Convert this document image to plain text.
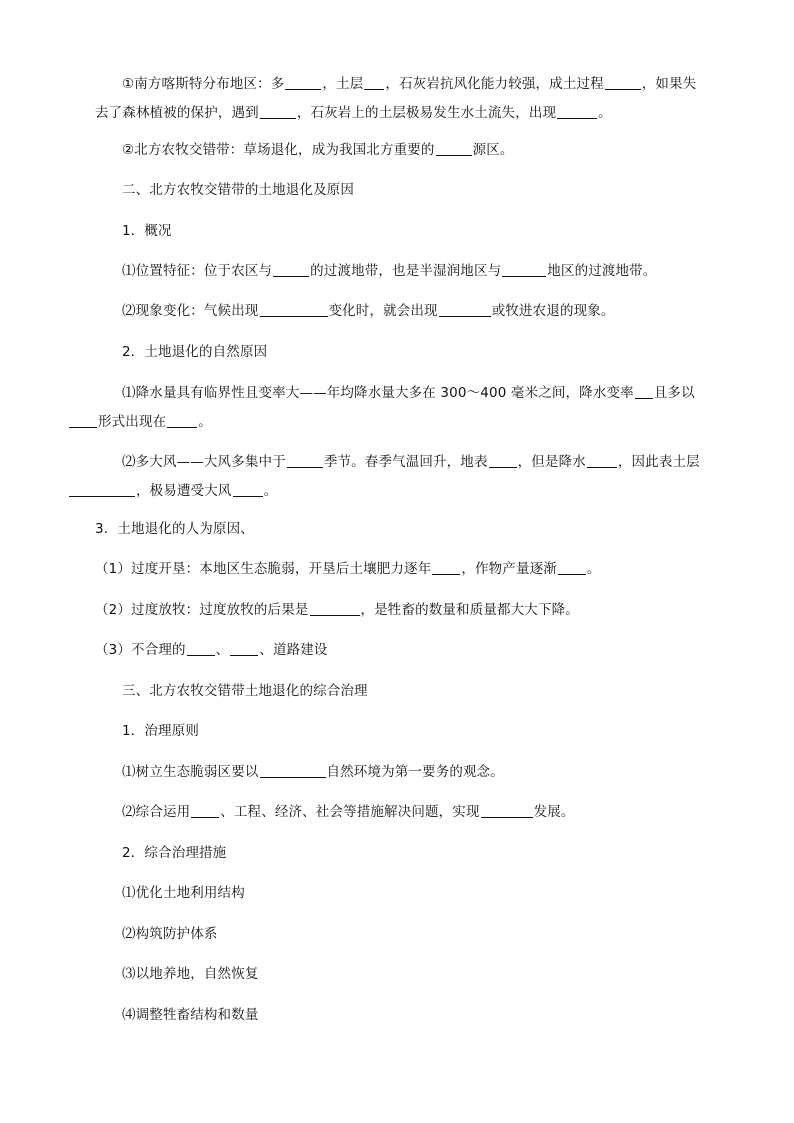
①南方喀斯特分布地区：多	，土层 ，石灰岩抗风化能力较强，成土过程	，如果失去了森林植被的保护，遇到	，石灰岩上的土层极易发生水土流失，出现	。
②北方农牧交错带：草场退化，成为我国北方重要的	源区。
二、北方农牧交错带的土地退化及原因
1．概况
⑴位置特征：位于农区与	的过渡地带，也是半湿润地区与	地区的过渡地带。
⑵现象变化：气候出现	变化时，就会出现	或牧进农退的现象。
2．土地退化的自然原因
⑴降水量具有临界性且变率大——年均降水量大多在 300～400 毫米之间，降水变率 且多以
形式出现在 。
⑵多大风——大风多集中于	季节。春季气温回升，地表 ，但是降水 ，因此表土层
，极易遭受大风 。
3．土地退化的人为原因、
（1）过度开垦：本地区生态脆弱，开垦后土壤肥力逐年 ，作物产量逐渐 。
（2）过度放牧：过度放牧的后果是	，是牲畜的数量和质量都大大下降。
（3）不合理的 、 、道路建设
三、北方农牧交错带土地退化的综合治理
1．治理原则
⑴树立生态脆弱区要以	自然环境为第一要务的观念。
⑵综合运用 、工程、经济、社会等措施解决问题，实现	发展。
2．综合治理措施
⑴优化土地利用结构
⑵构筑防护体系
⑶以地养地，自然恢复
⑷调整牲畜结构和数量
